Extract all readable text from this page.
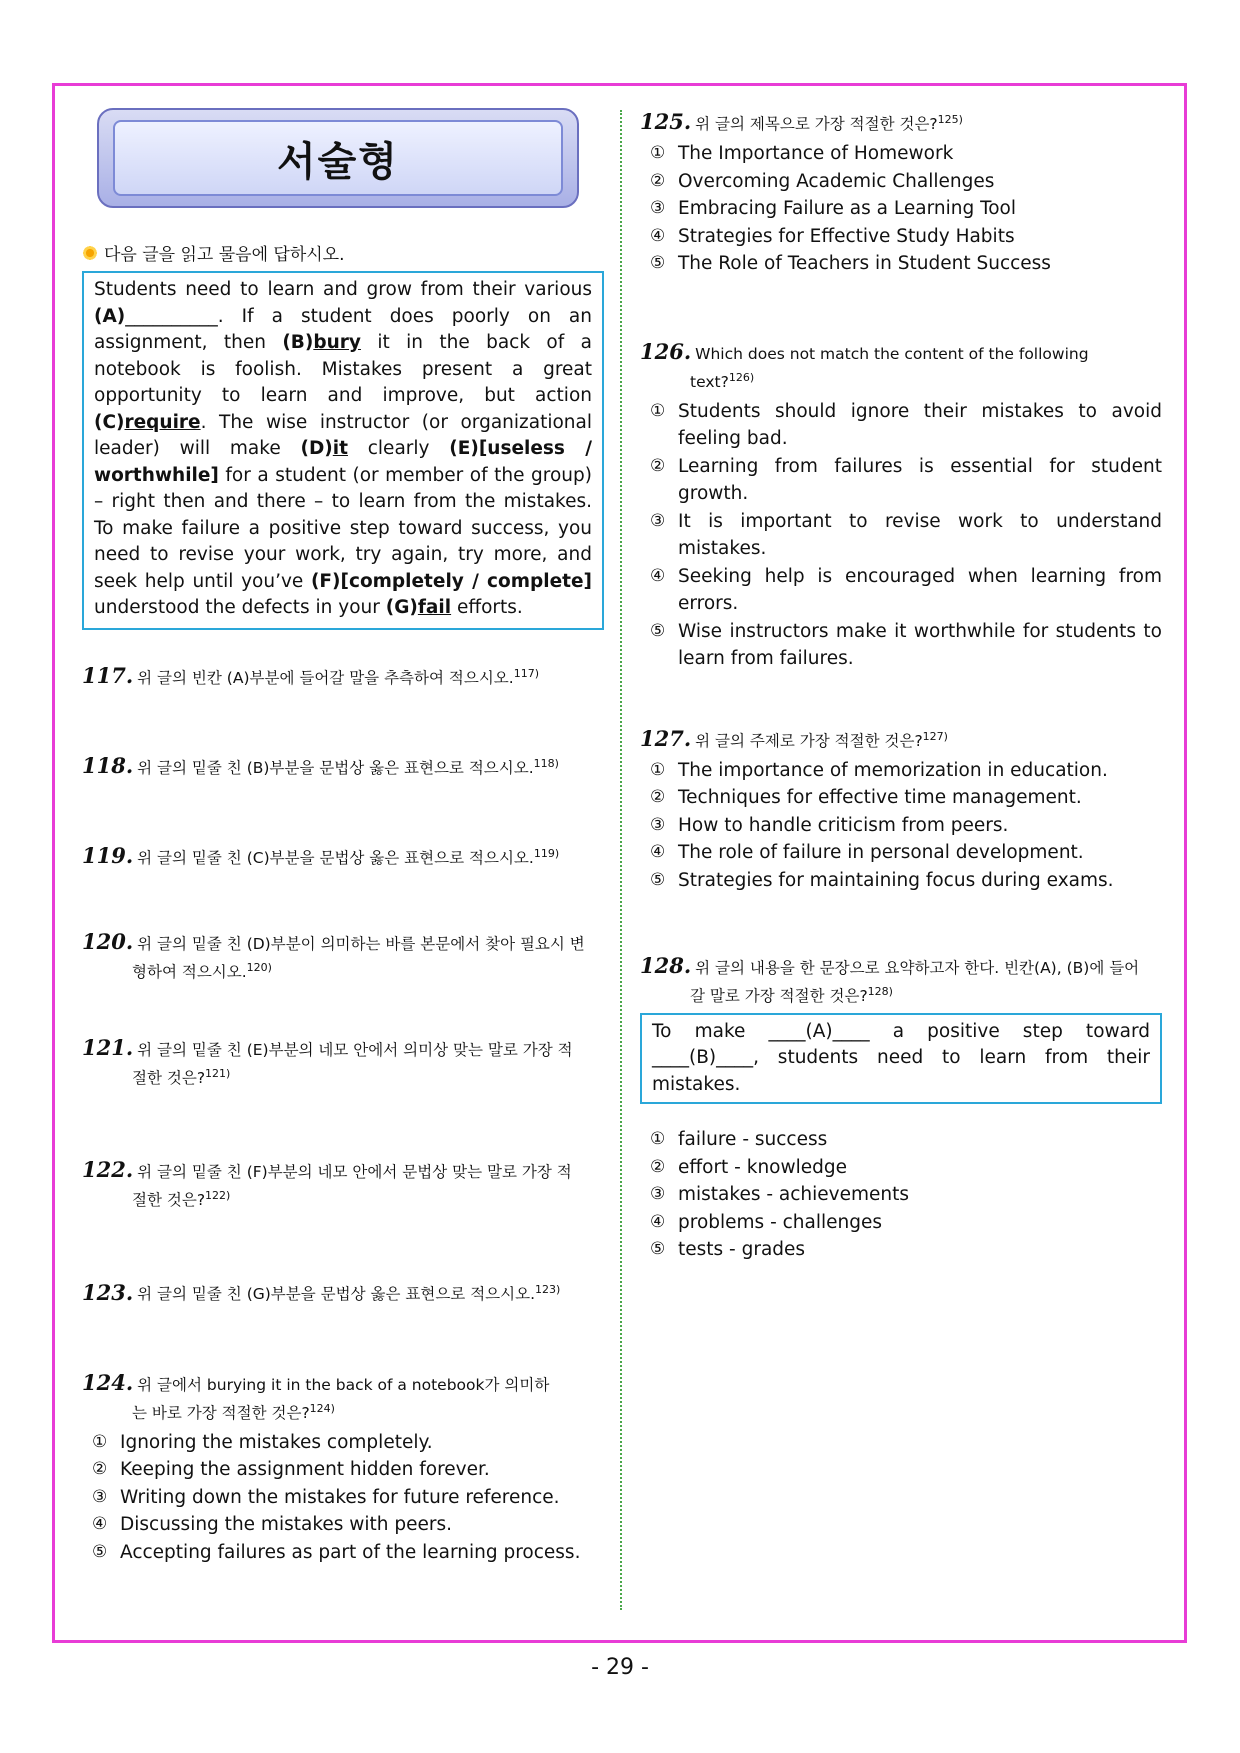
서술형
다음 글을 읽고 물음에 답하시오.
Students need to learn and grow from their various (A)__________. If a student does poorly on an assignment, then (B)bury it in the back of a notebook is foolish. Mistakes present a great opportunity to learn and improve, but action (C)require. The wise instructor (or organizational leader) will make (D)it clearly (E)[useless / worthwhile] for a student (or member of the group) – right then and there – to learn from the mistakes. To make failure a positive step toward success, you need to revise your work, try again, try more, and seek help until you’ve (F)[completely / complete] understood the defects in your (G)fail efforts.
117. 위 글의 빈칸 (A)부분에 들어갈 말을 추측하여 적으시오.$^{117)}$
118. 위 글의 밑줄 친 (B)부분을 문법상 옳은 표현으로 적으시오.$^{118)}$
119. 위 글의 밑줄 친 (C)부분을 문법상 옳은 표현으로 적으시오.$^{119)}$
120. 위 글의 밑줄 친 (D)부분이 의미하는 바를 본문에서 찾아 필요시 변
형하여 적으시오.$^{120)}$
121. 위 글의 밑줄 친 (E)부분의 네모 안에서 의미상 맞는 말로 가장 적
절한 것은?$^{121)}$
122. 위 글의 밑줄 친 (F)부분의 네모 안에서 문법상 맞는 말로 가장 적
절한 것은?$^{122)}$
123. 위 글의 밑줄 친 (G)부분을 문법상 옳은 표현으로 적으시오.$^{123)}$
124. 위 글에서 burying it in the back of a notebook가 의미하
는 바로 가장 적절한 것은?$^{124)}$
① Ignoring the mistakes completely.
② Keeping the assignment hidden forever.
③ Writing down the mistakes for future reference.
④ Discussing the mistakes with peers.
⑤ Accepting failures as part of the learning process.
125. 위 글의 제목으로 가장 적절한 것은?$^{125)}$
① The Importance of Homework
② Overcoming Academic Challenges
③ Embracing Failure as a Learning Tool
④ Strategies for Effective Study Habits
⑤ The Role of Teachers in Student Success
126. Which does not match the content of the following
text?$^{126)}$
① Students should ignore their mistakes to avoid feeling bad.
② Learning from failures is essential for student growth.
③ It is important to revise work to understand mistakes.
④ Seeking help is encouraged when learning from errors.
⑤ Wise instructors make it worthwhile for students to learn from failures.
127. 위 글의 주제로 가장 적절한 것은?$^{127)}$
① The importance of memorization in education.
② Techniques for effective time management.
③ How to handle criticism from peers.
④ The role of failure in personal development.
⑤ Strategies for maintaining focus during exams.
128. 위 글의 내용을 한 문장으로 요약하고자 한다. 빈칸(A), (B)에 들어
갈 말로 가장 적절한 것은?$^{128)}$
To make ____(A)____ a positive step toward ____(B)____, students need to learn from their mistakes.
① failure - success
② effort - knowledge
③ mistakes - achievements
④ problems - challenges
⑤ tests - grades
- 29 -
